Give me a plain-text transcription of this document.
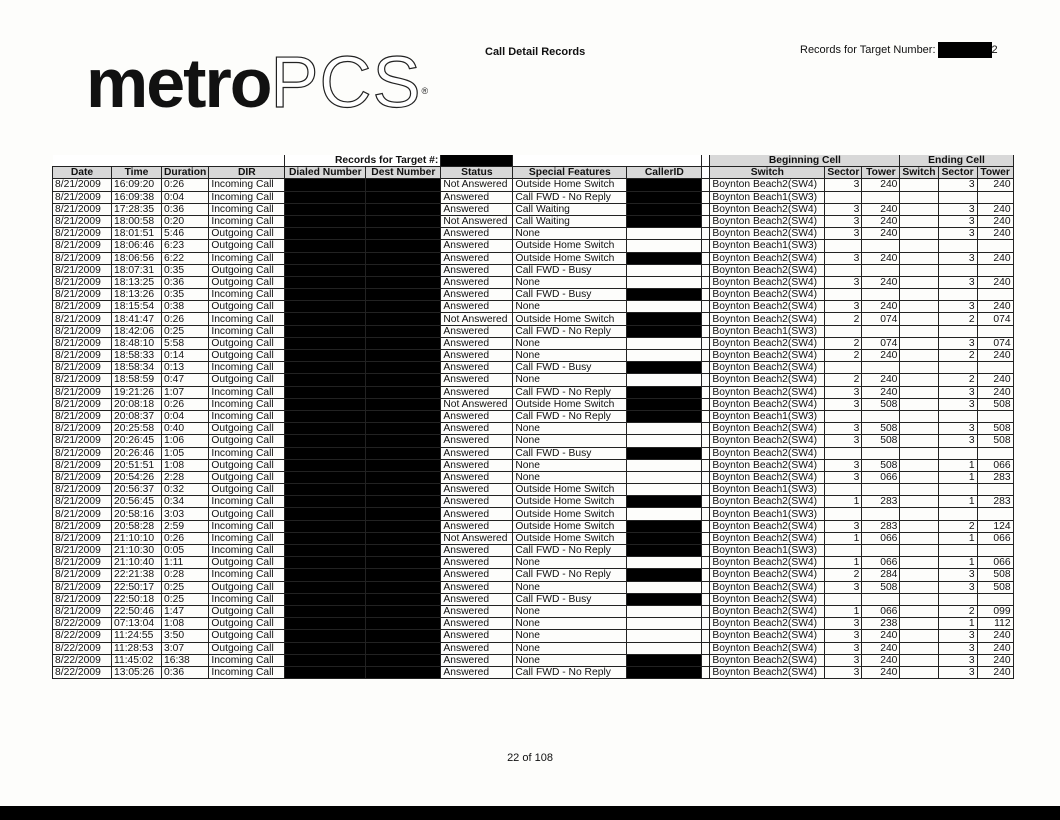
metroPCS®
Call Detail Records	Records for Target Number:	2
				Records for Target #:						Beginning Cell			Ending Cell		
Date	Time	Duration	DIR	Dialed Number	Dest Number	Status	Special Features	CallerID		Switch	Sector	Tower	Switch	Sector	Tower
8/21/2009	16:09:20	0:26	Incoming Call			Not Answered	Outside Home Switch			Boynton Beach2(SW4)	3	240		3	240
8/21/2009	16:09:38	0:04	Incoming Call			Answered	Call FWD - No Reply			Boynton Beach1(SW3)					
8/21/2009	17:28:35	0:36	Incoming Call			Answered	Call Waiting			Boynton Beach2(SW4)	3	240		3	240
8/21/2009	18:00:58	0:20	Incoming Call			Not Answered	Call Waiting			Boynton Beach2(SW4)	3	240		3	240
8/21/2009	18:01:51	5:46	Outgoing Call			Answered	None			Boynton Beach2(SW4)	3	240		3	240
8/21/2009	18:06:46	6:23	Outgoing Call			Answered	Outside Home Switch			Boynton Beach1(SW3)					
8/21/2009	18:06:56	6:22	Incoming Call			Answered	Outside Home Switch			Boynton Beach2(SW4)	3	240		3	240
8/21/2009	18:07:31	0:35	Outgoing Call			Answered	Call FWD - Busy			Boynton Beach2(SW4)					
8/21/2009	18:13:25	0:36	Outgoing Call			Answered	None			Boynton Beach2(SW4)	3	240		3	240
8/21/2009	18:13:26	0:35	Incoming Call			Answered	Call FWD - Busy			Boynton Beach2(SW4)					
8/21/2009	18:15:54	0:38	Outgoing Call			Answered	None			Boynton Beach2(SW4)	3	240		3	240
8/21/2009	18:41:47	0:26	Incoming Call			Not Answered	Outside Home Switch			Boynton Beach2(SW4)	2	074		2	074
8/21/2009	18:42:06	0:25	Incoming Call			Answered	Call FWD - No Reply			Boynton Beach1(SW3)					
8/21/2009	18:48:10	5:58	Outgoing Call			Answered	None			Boynton Beach2(SW4)	2	074		3	074
8/21/2009	18:58:33	0:14	Outgoing Call			Answered	None			Boynton Beach2(SW4)	2	240		2	240
8/21/2009	18:58:34	0:13	Incoming Call			Answered	Call FWD - Busy			Boynton Beach2(SW4)					
8/21/2009	18:58:59	0:47	Outgoing Call			Answered	None			Boynton Beach2(SW4)	2	240		2	240
8/21/2009	19:21:26	1:07	Incoming Call			Answered	Call FWD - No Reply			Boynton Beach2(SW4)	3	240		3	240
8/21/2009	20:08:18	0:26	Incoming Call			Not Answered	Outside Home Switch			Boynton Beach2(SW4)	3	508		3	508
8/21/2009	20:08:37	0:04	Incoming Call			Answered	Call FWD - No Reply			Boynton Beach1(SW3)					
8/21/2009	20:25:58	0:40	Outgoing Call			Answered	None			Boynton Beach2(SW4)	3	508		3	508
8/21/2009	20:26:45	1:06	Outgoing Call			Answered	None			Boynton Beach2(SW4)	3	508		3	508
8/21/2009	20:26:46	1:05	Incoming Call			Answered	Call FWD - Busy			Boynton Beach2(SW4)					
8/21/2009	20:51:51	1:08	Outgoing Call			Answered	None			Boynton Beach2(SW4)	3	508		1	066
8/21/2009	20:54:26	2:28	Outgoing Call			Answered	None			Boynton Beach2(SW4)	3	066		1	283
8/21/2009	20:56:37	0:32	Outgoing Call			Answered	Outside Home Switch			Boynton Beach1(SW3)					
8/21/2009	20:56:45	0:34	Incoming Call			Answered	Outside Home Switch			Boynton Beach2(SW4)	1	283		1	283
8/21/2009	20:58:16	3:03	Outgoing Call			Answered	Outside Home Switch			Boynton Beach1(SW3)					
8/21/2009	20:58:28	2:59	Incoming Call			Answered	Outside Home Switch			Boynton Beach2(SW4)	3	283		2	124
8/21/2009	21:10:10	0:26	Incoming Call			Not Answered	Outside Home Switch			Boynton Beach2(SW4)	1	066		1	066
8/21/2009	21:10:30	0:05	Incoming Call			Answered	Call FWD - No Reply			Boynton Beach1(SW3)					
8/21/2009	21:10:40	1:11	Outgoing Call			Answered	None			Boynton Beach2(SW4)	1	066		1	066
8/21/2009	22:21:38	0:28	Incoming Call			Answered	Call FWD - No Reply			Boynton Beach2(SW4)	2	284		3	508
8/21/2009	22:50:17	0:25	Outgoing Call			Answered	None			Boynton Beach2(SW4)	3	508		3	508
8/21/2009	22:50:18	0:25	Incoming Call			Answered	Call FWD - Busy			Boynton Beach2(SW4)					
8/21/2009	22:50:46	1:47	Outgoing Call			Answered	None			Boynton Beach2(SW4)	1	066		2	099
8/22/2009	07:13:04	1:08	Outgoing Call			Answered	None			Boynton Beach2(SW4)	3	238		1	112
8/22/2009	11:24:55	3:50	Outgoing Call			Answered	None			Boynton Beach2(SW4)	3	240		3	240
8/22/2009	11:28:53	3:07	Outgoing Call			Answered	None			Boynton Beach2(SW4)	3	240		3	240
8/22/2009	11:45:02	16:38	Incoming Call			Answered	None			Boynton Beach2(SW4)	3	240		3	240
8/22/2009	13:05:26	0:36	Incoming Call			Answered	Call FWD - No Reply			Boynton Beach2(SW4)	3	240		3	240
22 of 108
